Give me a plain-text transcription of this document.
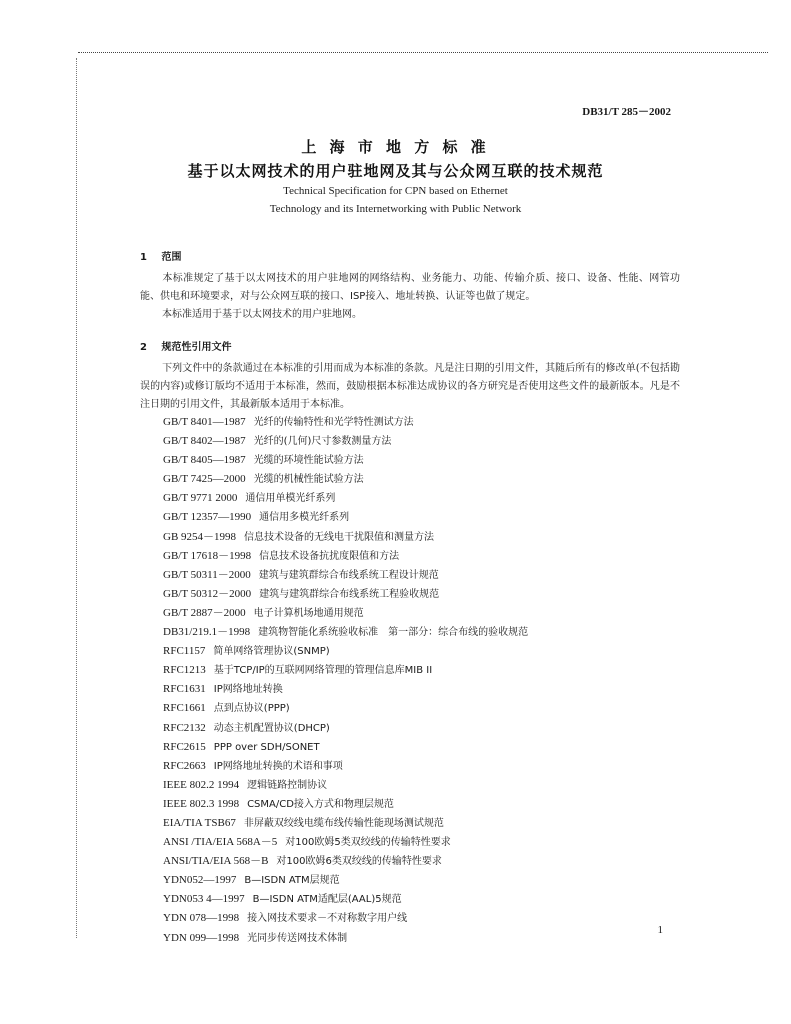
DB31/T 285－2002
上 海 市 地 方 标 准
基于以太网技术的用户驻地网及其与公众网互联的技术规范
Technical Specification for CPN based on Ethernet
Technology and its Internetworking with Public Network
1 范围
本标准规定了基于以太网技术的用户驻地网的网络结构、业务能力、功能、传输介质、接口、设备、性能、网管功能、供电和环境要求，对与公众网互联的接口、ISP接入、地址转换、认证等也做了规定。
本标准适用于基于以太网技术的用户驻地网。
2 规范性引用文件
下列文件中的条款通过在本标准的引用而成为本标准的条款。凡是注日期的引用文件，其随后所有的修改单(不包括勘误的内容)或修订版均不适用于本标准，然而，鼓励根据本标准达成协议的各方研究是否使用这些文件的最新版本。凡是不注日期的引用文件，其最新版本适用于本标准。
GB/T 8401—1987 光纤的传输特性和光学特性测试方法
GB/T 8402—1987 光纤的(几何)尺寸参数测量方法
GB/T 8405—1987 光缆的环境性能试验方法
GB/T 7425—2000 光缆的机械性能试验方法
GB/T 9771 2000 通信用单模光纤系列
GB/T 12357—1990 通信用多模光纤系列
GB 9254－1998 信息技术设备的无线电干扰限值和测量方法
GB/T 17618－1998 信息技术设备抗扰度限值和方法
GB/T 50311－2000 建筑与建筑群综合布线系统工程设计规范
GB/T 50312－2000 建筑与建筑群综合布线系统工程验收规范
GB/T 2887－2000 电子计算机场地通用规范
DB31/219.1－1998 建筑物智能化系统验收标准　第一部分：综合布线的验收规范
RFC1157 简单网络管理协议(SNMP)
RFC1213 基于TCP/IP的互联网网络管理的管理信息库MIB II
RFC1631 IP网络地址转换
RFC1661 点到点协议(PPP)
RFC2132 动态主机配置协议(DHCP)
RFC2615 PPP over SDH/SONET
RFC2663 IP网络地址转换的术语和事项
IEEE 802.2 1994 逻辑链路控制协议
IEEE 802.3 1998 CSMA/CD接入方式和物理层规范
EIA/TIA TSB67 非屏蔽双绞线电缆布线传输性能现场测试规范
ANSI /TIA/EIA 568A－5 对100欧姆5类双绞线的传输特性要求
ANSI/TIA/EIA 568－B 对100欧姆6类双绞线的传输特性要求
YDN052—1997 B—ISDN ATM层规范
YDN053 4—1997 B—ISDN ATM适配层(AAL)5规范
YDN 078—1998 接入网技术要求－不对称数字用户线
YDN 099—1998 光同步传送网技术体制
1
